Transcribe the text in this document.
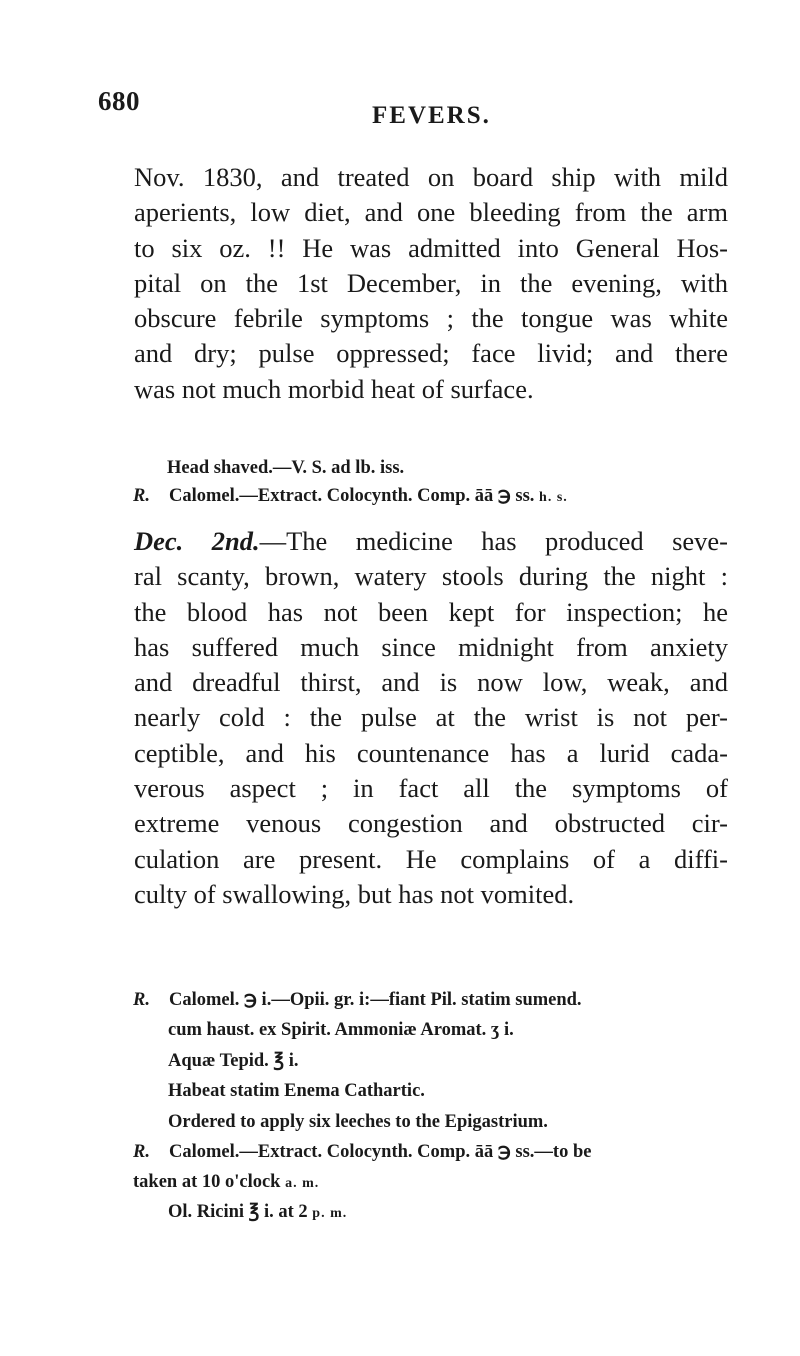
680	FEVERS.
Nov. 1830, and treated on board ship with mild
aperients, low diet, and one bleeding from the arm
to six oz. !! He was admitted into General Hos-
pital on the 1st December, in the evening, with
obscure febrile symptoms ; the tongue was white
and dry; pulse oppressed; face livid; and there
was not much morbid heat of surface.
Head shaved.—V. S. ad lb. iss.
R. Calomel.—Extract. Colocynth. Comp. āā ℈ ss. h. s.
Dec. 2nd.—The medicine has produced seve-
ral scanty, brown, watery stools during the night :
the blood has not been kept for inspection; he
has suffered much since midnight from anxiety
and dreadful thirst, and is now low, weak, and
nearly cold : the pulse at the wrist is not per-
ceptible, and his countenance has a lurid cada-
verous aspect ; in fact all the symptoms of
extreme venous congestion and obstructed cir-
culation are present. He complains of a diffi-
culty of swallowing, but has not vomited.
R. Calomel. ℈ i.—Opii. gr. i:—fiant Pil. statim sumend.
cum haust. ex Spirit. Ammoniæ Aromat. ʒ i.
Aquæ Tepid. ℥ i.
Habeat statim Enema Cathartic.
Ordered to apply six leeches to the Epigastrium.
R. Calomel.—Extract. Colocynth. Comp. āā ℈ ss.—to be
taken at 10 o'clock a. m.
Ol. Ricini ℥ i. at 2 p. m.
